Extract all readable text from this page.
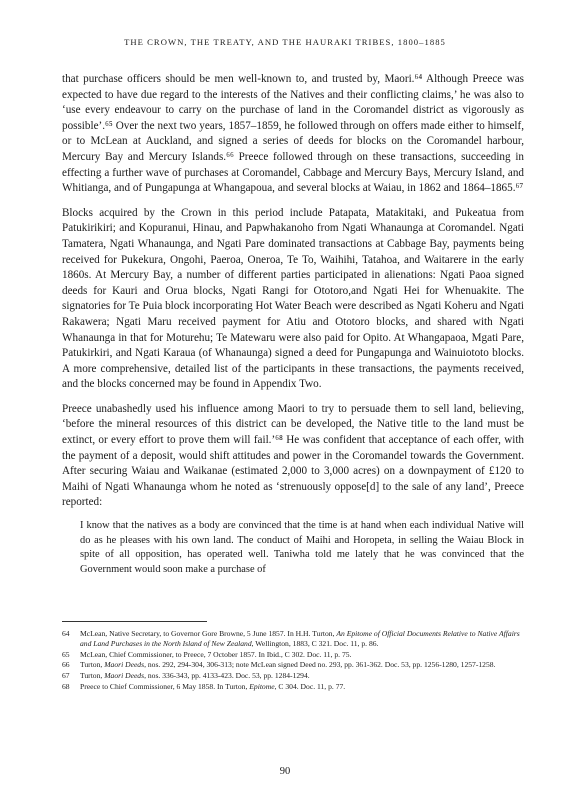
THE CROWN, THE TREATY, AND THE HAURAKI TRIBES, 1800–1885

that purchase officers should be men well-known to, and trusted by, Maori.⁶⁴ Although Preece was expected to have due regard to the interests of the Natives and their conflicting claims,’ he was also to ‘use every endeavour to carry on the purchase of land in the Coromandel district as vigorously as possible’.⁶⁵ Over the next two years, 1857–1859, he followed through on offers made either to himself, or to McLean at Auckland, and signed a series of deeds for blocks on the Coromandel harbour, Mercury Bay and Mercury Islands.⁶⁶ Preece followed through on these transactions, succeeding in effecting a further wave of purchases at Coromandel, Cabbage and Mercury Bays, Mercury Island, and Whitianga, and of Pungapunga at Whangapoua, and several blocks at Waiau, in 1862 and 1864–1865.⁶⁷

Blocks acquired by the Crown in this period include Patapata, Matakitaki, and Pukeatua from Patukirikiri; and Kopuranui, Hinau, and Papwhakanoho from Ngati Whanaunga at Coromandel. Ngati Tamatera, Ngati Whanaunga, and Ngati Pare dominated transactions at Cabbage Bay, payments being received for Pukekura, Ongohi, Paeroa, Oneroa, Te To, Waihihi, Tatahoa, and Waitarere in the early 1860s. At Mercury Bay, a number of different parties participated in alienations: Ngati Paoa signed deeds for Kauri and Orua blocks, Ngati Rangi for Ototoro,and Ngati Hei for Whenuakite. The signatories for Te Puia block incorporating Hot Water Beach were described as Ngati Koheru and Ngati Rakawera; Ngati Maru received payment for Atiu and Ototoro blocks, and shared with Ngati Whanaunga in that for Moturehu; Te Matewaru were also paid for Opito. At Whangapaoa, Mgati Pare, Patukirkiri, and Ngati Karaua (of Whanaunga) signed a deed for Pungapunga and Wainuiototo blocks. A more comprehensive, detailed list of the participants in these transactions, the payments received, and the blocks concerned may be found in Appendix Two.

Preece unabashedly used his influence among Maori to try to persuade them to sell land, believing, ‘before the mineral resources of this district can be developed, the Native title to the land must be extinct, or every effort to prove them will fail.’⁶⁸ He was confident that acceptance of each offer, with the payment of a deposit, would shift attitudes and power in the Coromandel towards the Government. After securing Waiau and Waikanae (estimated 2,000 to 3,000 acres) on a downpayment of £120 to Maihi of Ngati Whanaunga whom he noted as ‘strenuously oppose[d] to the sale of any land’, Preece reported:

I know that the natives as a body are convinced that the time is at hand when each individual Native will do as he pleases with his own land. The conduct of Maihi and Horopeta, in selling the Waiau Block in spite of all opposition, has operated well. Taniwha told me lately that he was convinced that the Government would soon make a purchase of

64	McLean, Native Secretary, to Governor Gore Browne, 5 June 1857. In H.H. Turton, An Epitome of Official Documents Relative to Native Affairs and Land Purchases in the North Island of New Zealand, Wellington, 1883, C 321. Doc. 11, p. 86.
65	McLean, Chief Commissioner, to Preece, 7 October 1857. In Ibid., C 302. Doc. 11, p. 75.
66	Turton, Maori Deeds, nos. 292, 294-304, 306-313; note McLean signed Deed no. 293, pp. 361-362. Doc. 53, pp. 1256-1280, 1257-1258.
67	Turton, Maori Deeds, nos. 336-343, pp. 4133-423. Doc. 53, pp. 1284-1294.
68	Preece to Chief Commissioner, 6 May 1858. In Turton, Epitome, C 304. Doc. 11, p. 77.
90
